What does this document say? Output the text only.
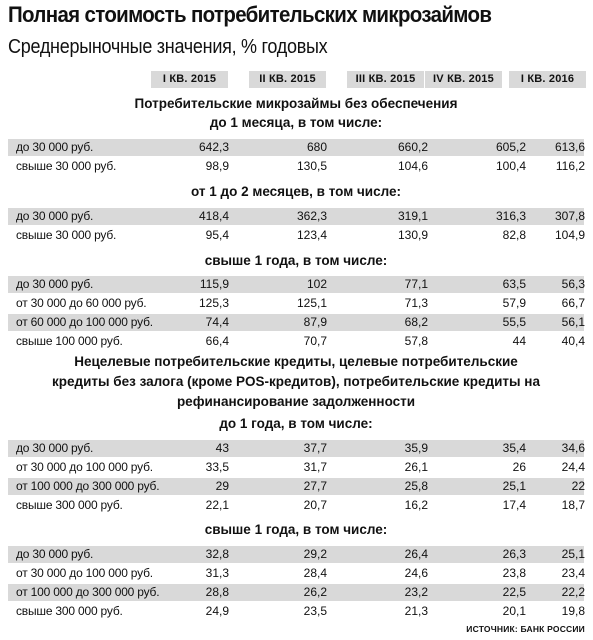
Полная стоимость потребительских микрозаймов
Среднерыночные значения, % годовых
I КВ. 2015	II КВ. 2015	III КВ. 2015	IV КВ. 2015	I КВ. 2016
Потребительские микрозаймы без обеспечения
до 1 месяца, в том числе:
до 30 000 руб.	642,3	680	660,2	605,2	613,6
свыше 30 000 руб.	98,9	130,5	104,6	100,4	116,2
от 1 до 2 месяцев, в том числе:
до 30 000 руб.	418,4	362,3	319,1	316,3	307,8
свыше 30 000 руб.	95,4	123,4	130,9	82,8	104,9
свыше 1 года, в том числе:
до 30 000 руб.	115,9	102	77,1	63,5	56,3
от 30 000 до 60 000 руб.	125,3	125,1	71,3	57,9	66,7
от 60 000 до 100 000 руб.	74,4	87,9	68,2	55,5	56,1
свыше 100 000 руб.	66,4	70,7	57,8	44	40,4
Нецелевые потребительские кредиты, целевые потребительские
кредиты без залога (кроме POS-кредитов), потребительские кредиты на
рефинансирование задолженности
до 1 года, в том числе:
до 30 000 руб.	43	37,7	35,9	35,4	34,6
от 30 000 до 100 000 руб.	33,5	31,7	26,1	26	24,4
от 100 000 до 300 000 руб.	29	27,7	25,8	25,1	22
свыше 300 000 руб.	22,1	20,7	16,2	17,4	18,7
свыше 1 года, в том числе:
до 30 000 руб.	32,8	29,2	26,4	26,3	25,1
от 30 000 до 100 000 руб.	31,3	28,4	24,6	23,8	23,4
от 100 000 до 300 000 руб.	28,8	26,2	23,2	22,5	22,2
свыше 300 000 руб.	24,9	23,5	21,3	20,1	19,8
ИСТОЧНИК: БАНК РОССИИ
